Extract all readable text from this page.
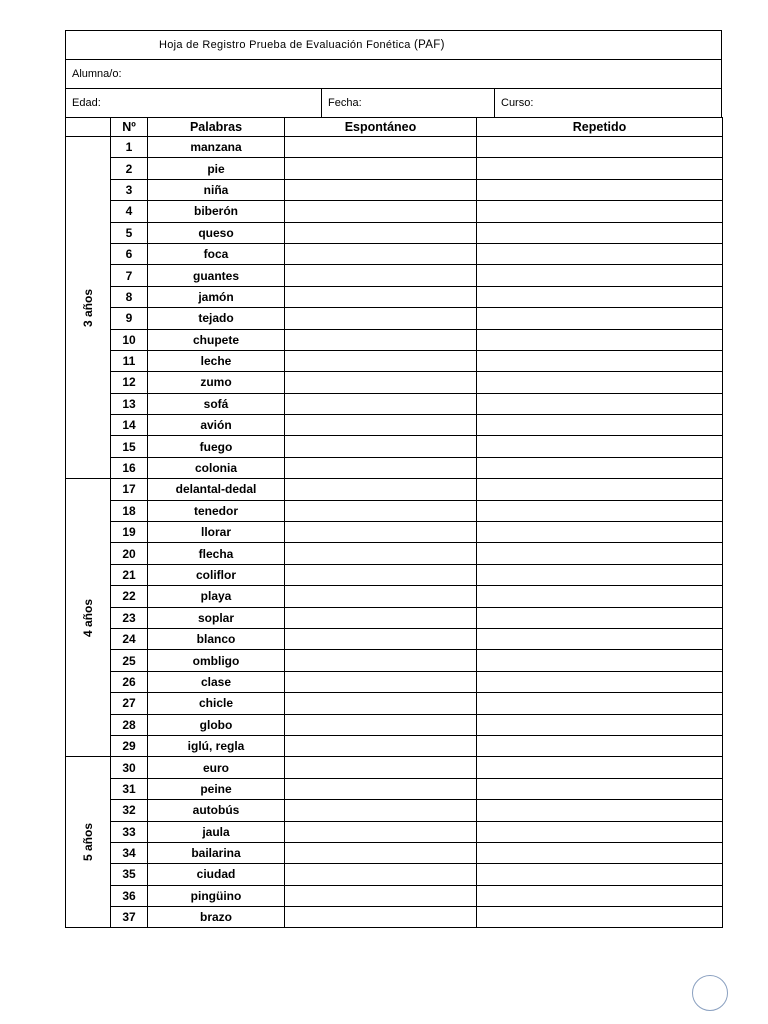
Hoja de Registro Prueba de Evaluación Fonética
(PAF)
Alumna/o:
Edad:	Fecha:	Curso:
	Nº	Palabras	Espontáneo	Repetido
3 años	1	manzana		
	2	pie		
	3	niña		
	4	biberón		
	5	queso		
	6	foca		
	7	guantes		
	8	jamón		
	9	tejado		
	10	chupete		
	11	leche		
	12	zumo		
	13	sofá		
	14	avión		
	15	fuego		
	16	colonia		
4 años	17	delantal-dedal		
	18	tenedor		
	19	llorar		
	20	flecha		
	21	coliflor		
	22	playa		
	23	soplar		
	24	blanco		
	25	ombligo		
	26	clase		
	27	chicle		
	28	globo		
	29	iglú, regla		
5 años	30	euro		
	31	peine		
	32	autobús		
	33	jaula		
	34	bailarina		
	35	ciudad		
	36	pingüino		
	37	brazo		
